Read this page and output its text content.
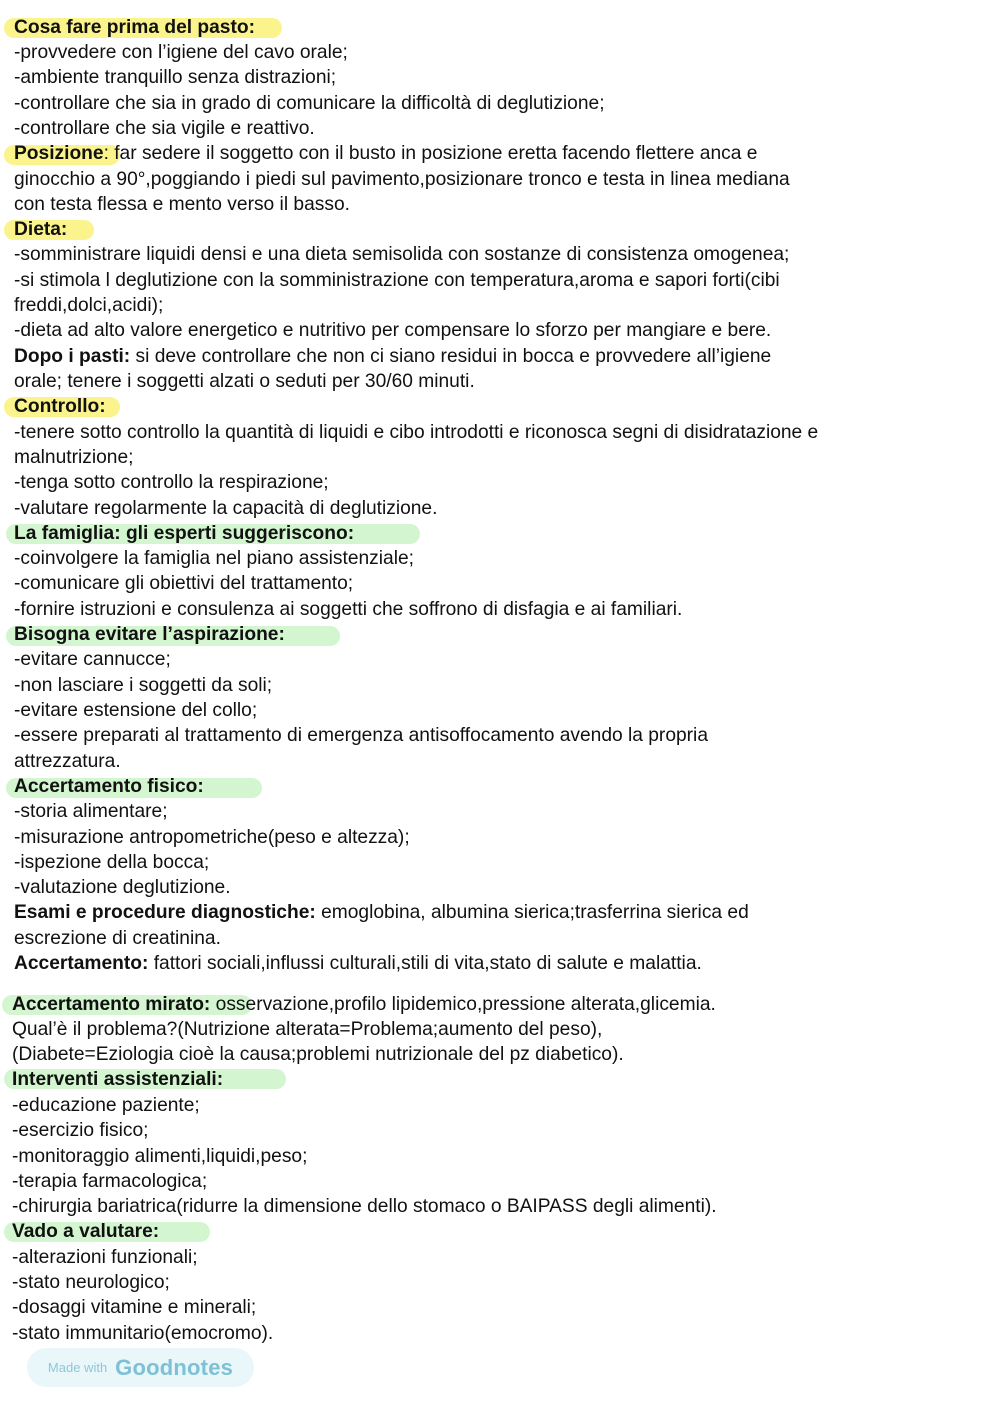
Cosa fare prima del pasto:

-provvedere con l’igiene del cavo orale;

-ambiente tranquillo senza distrazioni;

-controllare che sia in grado di comunicare la difficoltà di deglutizione;

-controllare che sia vigile e reattivo.

Posizione: far sedere il soggetto con il busto in posizione eretta facendo flettere anca e

ginocchio a 90°,poggiando i piedi sul pavimento,posizionare tronco e testa in linea mediana

con testa flessa e mento verso il basso.

Dieta:

-somministrare liquidi densi e una dieta semisolida con sostanze di consistenza omogenea;

-si stimola l deglutizione con la somministrazione con temperatura,aroma e sapori forti(cibi

freddi,dolci,acidi);

-dieta ad alto valore energetico e nutritivo per compensare lo sforzo per mangiare e bere.

Dopo i pasti: si deve controllare che non ci siano residui in bocca e provvedere all’igiene

orale; tenere i soggetti alzati o seduti per 30/60 minuti.

Controllo:

-tenere sotto controllo la quantità di liquidi e cibo introdotti e riconosca segni di disidratazione e

malnutrizione;

-tenga sotto controllo la respirazione;

-valutare regolarmente la capacità di deglutizione.

La famiglia: gli esperti suggeriscono:

-coinvolgere la famiglia nel piano assistenziale;

-comunicare gli obiettivi del trattamento;

-fornire istruzioni e consulenza ai soggetti che soffrono di disfagia e ai familiari.

Bisogna evitare l’aspirazione:

-evitare cannucce;

-non lasciare i soggetti da soli;

-evitare estensione del collo;

-essere preparati al trattamento di emergenza antisoffocamento avendo la propria

attrezzatura.

Accertamento fisico:

-storia alimentare;

-misurazione antropometriche(peso e altezza);

-ispezione della bocca;

-valutazione deglutizione.

Esami e procedure diagnostiche: emoglobina, albumina sierica;trasferrina sierica ed

escrezione di creatinina.

Accertamento: fattori sociali,influssi culturali,stili di vita,stato di salute e malattia.

Accertamento mirato: osservazione,profilo lipidemico,pressione alterata,glicemia.

Qual’è il problema?(Nutrizione alterata=Problema;aumento del peso),

(Diabete=Eziologia cioè la causa;problemi nutrizionale del pz diabetico).

Interventi assistenziali:

-educazione paziente;

-esercizio fisico;

-monitoraggio alimenti,liquidi,peso;

-terapia farmacologica;

-chirurgia bariatrica(ridurre la dimensione dello stomaco o BAIPASS degli alimenti).

Vado a valutare:

-alterazioni funzionali;

-stato neurologico;

-dosaggi vitamine e minerali;

-stato immunitario(emocromo).

Made with Goodnotes
